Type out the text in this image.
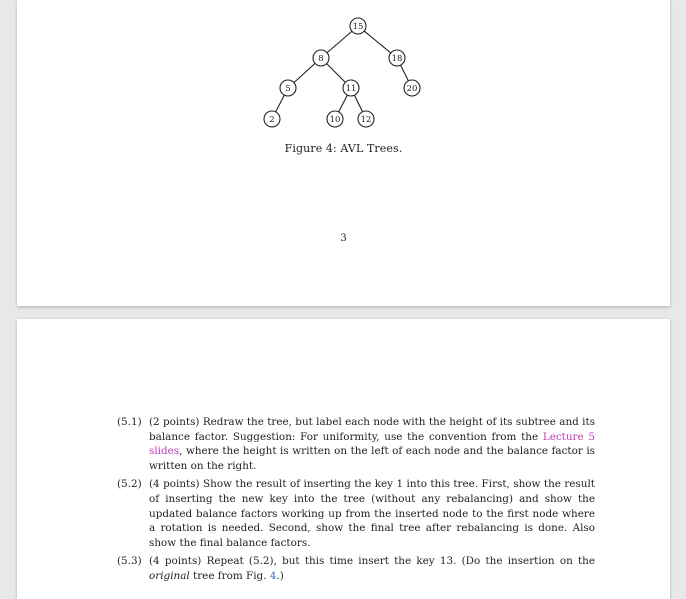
15
8	18
5	11	20
2	10 12
Figure 4: AVL Trees.
3
(5.1) (2 points) Redraw the tree, but label each node with the height of its subtree and its balance factor. Suggestion: For uniformity, use the convention from the Lecture 5 slides, where the height is written on the left of each node and the balance factor is written on the right.
(5.2) (4 points) Show the result of inserting the key 1 into this tree. First, show the result of inserting the new key into the tree (without any rebalancing) and show the updated balance factors working up from the inserted node to the first node where a rotation is needed. Second, show the final tree after rebalancing is done. Also show the final balance factors.
(5.3) (4 points) Repeat (5.2), but this time insert the key 13. (Do the insertion on the original tree from Fig. 4.)
